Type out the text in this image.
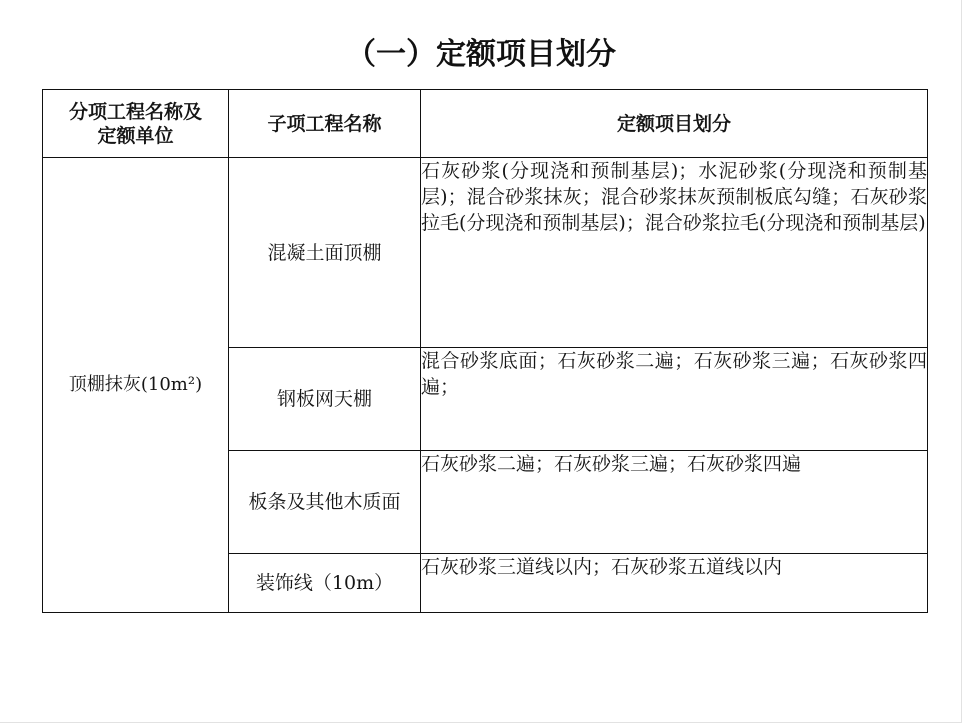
（一）定额项目划分
分项工程名称及
定额单位	子项工程名称	定额项目划分
顶棚抹灰(10m²)	混凝土面顶棚	石灰砂浆(分现浇和预制基层)；水泥砂浆(分现浇和预制基层)；混合砂浆抹灰；混合砂浆抹灰预制板底勾缝；石灰砂浆拉毛(分现浇和预制基层)；混合砂浆拉毛(分现浇和预制基层)
	钢板网天棚	混合砂浆底面；石灰砂浆二遍；石灰砂浆三遍；石灰砂浆四遍；
	板条及其他木质面	石灰砂浆二遍；石灰砂浆三遍；石灰砂浆四遍
	装饰线（10m）	石灰砂浆三道线以内；石灰砂浆五道线以内
